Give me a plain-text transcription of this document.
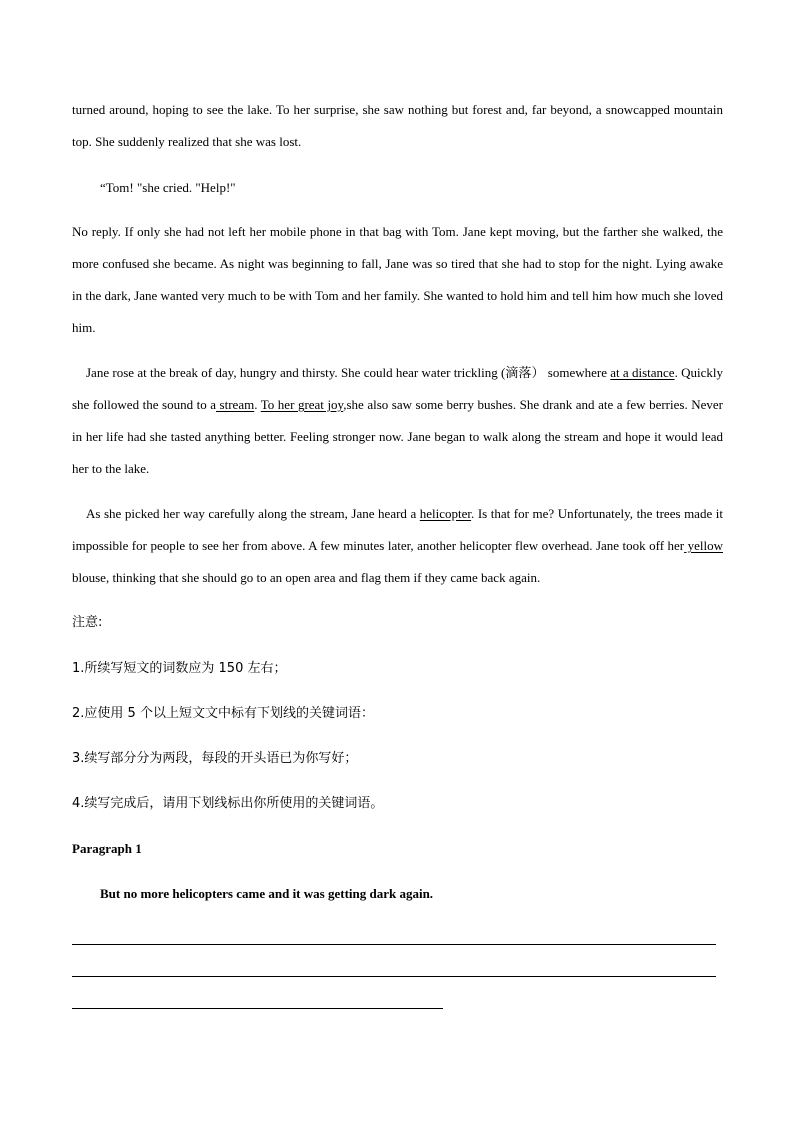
turned around, hoping to see the lake. To her surprise, she saw nothing but forest and, far beyond, a snowcapped mountain top. She suddenly realized that she was lost.

“Tom! "she cried. "Help!"

No reply. If only she had not left her mobile phone in that bag with Tom. Jane kept moving, but the farther she walked, the more confused she became. As night was beginning to fall, Jane was so tired that she had to stop for the night. Lying awake in the dark, Jane wanted very much to be with Tom and her family. She wanted to hold him and tell him how much she loved him.

Jane rose at the break of day, hungry and thirsty. She could hear water trickling (滴落） somewhere at a distance. Quickly she followed the sound to a stream. To her great joy,she also saw some berry bushes. She drank and ate a few berries. Never in her life had she tasted anything better. Feeling stronger now. Jane began to walk along the stream and hope it would lead her to the lake.

As she picked her way carefully along the stream, Jane heard a helicopter. Is that for me? Unfortunately, the trees made it impossible for people to see her from above. A few minutes later, another helicopter flew overhead. Jane took off her yellow blouse, thinking that she should go to an open area and flag them if they came back again.

注意:

1.所续写短文的词数应为 150 左右；

2.应使用 5 个以上短文文中标有下划线的关键词语：

3.续写部分分为两段，每段的开头语已为你写好；

4.续写完成后，请用下划线标出你所使用的关键词语。

Paragraph 1

But no more helicopters came and it was getting dark again.
